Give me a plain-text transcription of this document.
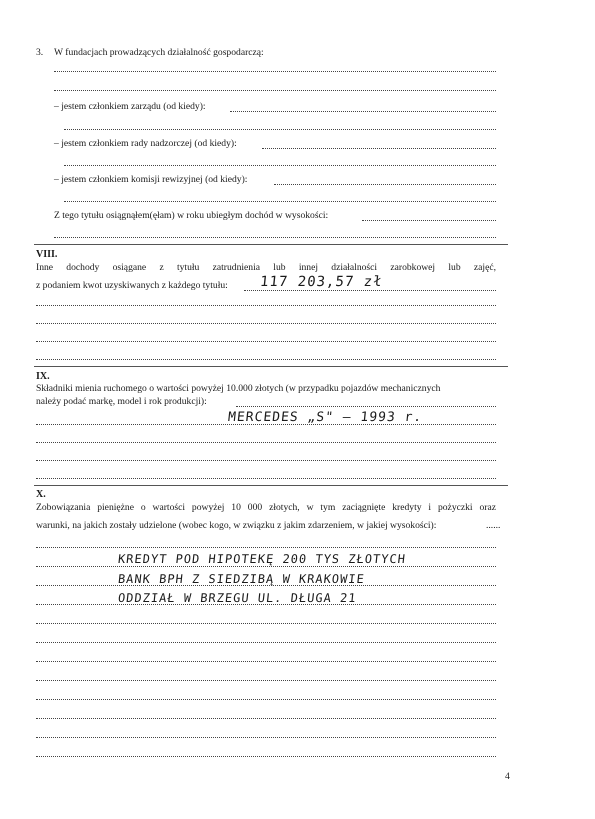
3. W fundacjach prowadzących działalność gospodarczą:
– jestem członkiem zarządu (od kiedy):
– jestem członkiem rady nadzorczej (od kiedy):
– jestem członkiem komisji rewizyjnej (od kiedy):
Z tego tytułu osiągnąłem(ęłam) w roku ubiegłym dochód w wysokości:
VIII.
Inne dochody osiągane z tytułu zatrudnienia lub innej działalności zarobkowej lub zajęć,
z podaniem kwot uzyskiwanych z każdego tytułu: 117 203,57 zł
IX.
Składniki mienia ruchomego o wartości powyżej 10.000 złotych (w przypadku pojazdów mechanicznych
należy podać markę, model i rok produkcji):
MERCEDES „S" – 1993 r.
X.
Zobowiązania pieniężne o wartości powyżej 10 000 złotych, w tym zaciągnięte kredyty i pożyczki oraz
warunki, na jakich zostały udzielone (wobec kogo, w związku z jakim zdarzeniem, w jakiej wysokości):	......
KREDYT POD HIPOTEKĘ 200 TYS ZŁOTYCH
BANK BPH Z SIEDZIBĄ W KRAKOWIE
ODDZIAŁ W BRZEGU UL. DŁUGA 21
4
